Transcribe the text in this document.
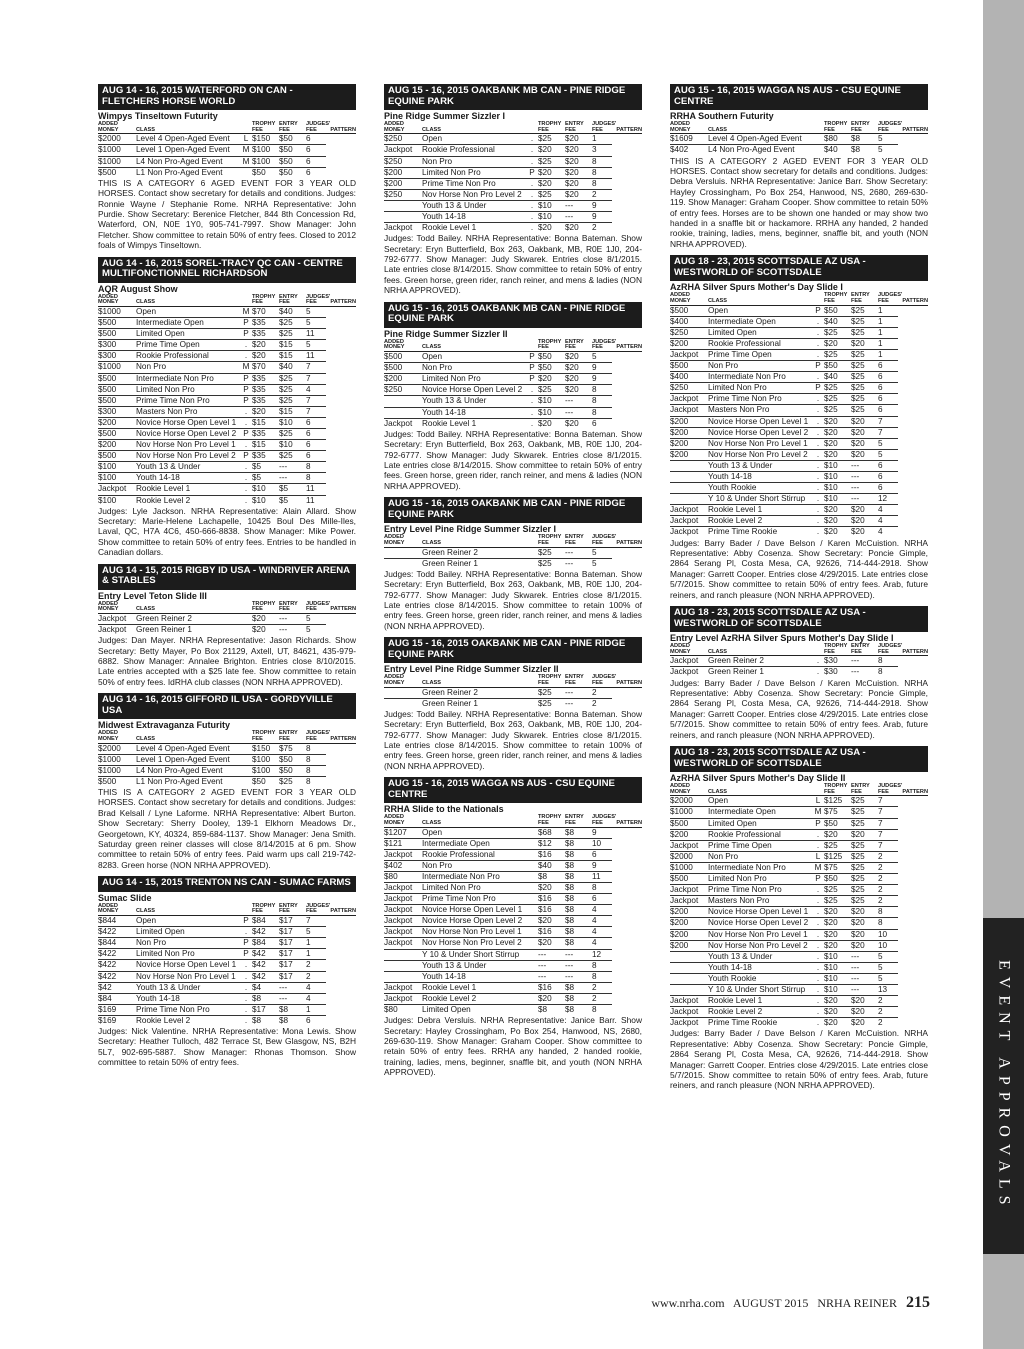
EVENT APPROVALS
AUG 14 - 16, 2015 WATERFORD ON CAN - FLETCHERS HORSE WORLD
Wimpys Tinseltown Futurity
ADDED
MONEY	CLASS		TROPHY
FEE	ENTRY
FEE	JUDGES'
FEE	PATTERN
$2000	Level 4 Open-Aged Event	L	$150	$50	6	
$1000	Level 1 Open-Aged Event	M	$100	$50	6	
$1000	L4 Non Pro-Aged Event	M	$100	$50	6	
$500	L1 Non Pro-Aged Event		$50	$50	6	
THIS IS A CATEGORY 6 AGED EVENT FOR 3 YEAR OLD HORSES. Contact show secretary for details and conditions. Judges: Ronnie Wayne / Stephanie Rome. NRHA Representative: John Purdie. Show Secretary: Berenice Fletcher, 844 8th Concession Rd, Waterford, ON, N0E 1Y0, 905-741-7997. Show Manager: John Fletcher. Show committee to retain 50% of entry fees. Closed to 2012 foals of Wimpys Tinseltown.
AUG 14 - 16, 2015 SOREL-TRACY QC CAN - CENTRE MULTIFONCTIONNEL RICHARDSON
AQR August Show
ADDED
MONEY	CLASS		TROPHY
FEE	ENTRY
FEE	JUDGES'
FEE	PATTERN
$1000	Open	M	$70	$40	5	
$500	Intermediate Open	P	$35	$25	5	
$500	Limited Open	P	$35	$25	11	
$300	Prime Time Open	.	$20	$15	5	
$300	Rookie Professional	.	$20	$15	11	
$1000	Non Pro	M	$70	$40	7	
$500	Intermediate Non Pro	P	$35	$25	7	
$500	Limited Non Pro	P	$35	$25	4	
$500	Prime Time Non Pro	P	$35	$25	7	
$300	Masters Non Pro	.	$20	$15	7	
$200	Novice Horse Open Level 1	.	$15	$10	6	
$500	Novice Horse Open Level 2	P	$35	$25	6	
$200	Nov Horse Non Pro Level 1	.	$15	$10	6	
$500	Nov Horse Non Pro Level 2	P	$35	$25	6	
$100	Youth 13 & Under	.	$5	---	8	
$100	Youth 14-18	.	$5	---	8	
Jackpot	Rookie Level 1	.	$10	$5	11	
$100	Rookie Level 2	.	$10	$5	11	
Judges: Lyle Jackson. NRHA Representative: Alain Allard. Show Secretary: Marie-Helene Lachapelle, 10425 Boul Des Mille-Iles, Laval, QC, H7A 4C6, 450-666-8838. Show Manager: Mike Power. Show committee to retain 50% of entry fees. Entries to be handled in Canadian dollars.
AUG 14 - 15, 2015 RIGBY ID USA - WINDRIVER ARENA & STABLES
Entry Level Teton Slide III
ADDED
MONEY	CLASS		TROPHY
FEE	ENTRY
FEE	JUDGES'
FEE	PATTERN
Jackpot	Green Reiner 2		$20	---	5	
Jackpot	Green Reiner 1		$20	---	5	
Judges: Dan Mayer. NRHA Representative: Jason Richards. Show Secretary: Betty Mayer, Po Box 21129, Axtell, UT, 84621, 435-979-6882. Show Manager: Annalee Brighton. Entries close 8/10/2015. Late entries accepted with a $25 late fee. Show committee to retain 50% of entry fees. IdRHA club classes (NON NRHA APPROVED).
AUG 14 - 16, 2015 GIFFORD IL USA - GORDYVILLE USA
Midwest Extravaganza Futurity
ADDED
MONEY	CLASS		TROPHY
FEE	ENTRY
FEE	JUDGES'
FEE	PATTERN
$2000	Level 4 Open-Aged Event		$150	$75	8	
$1000	Level 1 Open-Aged Event		$100	$50	8	
$1000	L4 Non Pro-Aged Event		$100	$50	8	
$500	L1 Non Pro-Aged Event		$50	$25	8	
THIS IS A CATEGORY 2 AGED EVENT FOR 3 YEAR OLD HORSES. Contact show secretary for details and conditions. Judges: Brad Kelsall / Lyne Laforme. NRHA Representative: Albert Burton. Show Secretary: Sherry Dooley, 139-1 Elkhorn Meadows Dr., Georgetown, KY, 40324, 859-684-1137. Show Manager: Jena Smith. Saturday green reiner classes will close 8/14/2015 at 6 pm. Show committee to retain 50% of entry fees. Paid warm ups call 219-742-8283. Green horse (NON NRHA APPROVED).
AUG 14 - 15, 2015 TRENTON NS CAN - SUMAC FARMS
Sumac Slide
ADDED
MONEY	CLASS		TROPHY
FEE	ENTRY
FEE	JUDGES'
FEE	PATTERN
$844	Open	P	$84	$17	7	
$422	Limited Open	.	$42	$17	5	
$844	Non Pro	P	$84	$17	1	
$422	Limited Non Pro	P	$42	$17	1	
$422	Novice Horse Open Level 1	.	$42	$17	2	
$422	Nov Horse Non Pro Level 1	.	$42	$17	2	
$42	Youth 13 & Under	.	$4	---	4	
$84	Youth 14-18	.	$8	---	4	
$169	Prime Time Non Pro	.	$17	$8	1	
$169	Rookie Level 2	.	$8	$8	6	
Judges: Nick Valentine. NRHA Representative: Mona Lewis. Show Secretary: Heather Tulloch, 482 Terrace St, Bew Glasgow, NS, B2H 5L7, 902-695-5887. Show Manager: Rhonas Thomson. Show committee to retain 50% of entry fees.
AUG 15 - 16, 2015 OAKBANK MB CAN - PINE RIDGE EQUINE PARK
Pine Ridge Summer Sizzler I
ADDED
MONEY	CLASS		TROPHY
FEE	ENTRY
FEE	JUDGES'
FEE	PATTERN
$250	Open	.	$25	$20	1	
Jackpot	Rookie Professional	.	$20	$20	3	
$250	Non Pro	.	$25	$20	8	
$200	Limited Non Pro	P	$20	$20	8	
$200	Prime Time Non Pro	.	$20	$20	8	
$250	Nov Horse Non Pro Level 2	.	$25	$20	2	
	Youth 13 & Under	.	$10	---	9	
	Youth 14-18	.	$10	---	9	
Jackpot	Rookie Level 1	.	$20	$20	2	
Judges: Todd Bailey. NRHA Representative: Bonna Bateman. Show Secretary: Eryn Butterfield, Box 263, Oakbank, MB, R0E 1J0, 204-792-6777. Show Manager: Judy Skwarek. Entries close 8/1/2015. Late entries close 8/14/2015. Show committee to retain 50% of entry fees. Green horse, green rider, ranch reiner, and mens & ladies (NON NRHA APPROVED).
AUG 15 - 16, 2015 OAKBANK MB CAN - PINE RIDGE EQUINE PARK
Pine Ridge Summer Sizzler II
ADDED
MONEY	CLASS		TROPHY
FEE	ENTRY
FEE	JUDGES'
FEE	PATTERN
$500	Open	P	$50	$20	5	
$500	Non Pro	P	$50	$20	9	
$200	Limited Non Pro	P	$20	$20	9	
$250	Novice Horse Open Level 2	.	$25	$20	8	
	Youth 13 & Under	.	$10	---	8	
	Youth 14-18	.	$10	---	8	
Jackpot	Rookie Level 1	.	$20	$20	6	
Judges: Todd Bailey. NRHA Representative: Bonna Bateman. Show Secretary: Eryn Butterfield, Box 263, Oakbank, MB, R0E 1J0, 204-792-6777. Show Manager: Judy Skwarek. Entries close 8/1/2015. Late entries close 8/14/2015. Show committee to retain 50% of entry fees. Green horse, green rider, ranch reiner, and mens & ladies (NON NRHA APPROVED).
AUG 15 - 16, 2015 OAKBANK MB CAN - PINE RIDGE EQUINE PARK
Entry Level Pine Ridge Summer Sizzler I
ADDED
MONEY	CLASS		TROPHY
FEE	ENTRY
FEE	JUDGES'
FEE	PATTERN
	Green Reiner 2		$25	---	5	
	Green Reiner 1		$25	---	5	
Judges: Todd Bailey. NRHA Representative: Bonna Bateman. Show Secretary: Eryn Butterfield, Box 263, Oakbank, MB, R0E 1J0, 204-792-6777. Show Manager: Judy Skwarek. Entries close 8/1/2015. Late entries close 8/14/2015. Show committee to retain 100% of entry fees. Green horse, green rider, ranch reiner, and mens & ladies (NON NRHA APPROVED).
AUG 15 - 16, 2015 OAKBANK MB CAN - PINE RIDGE EQUINE PARK
Entry Level Pine Ridge Summer Sizzler II
ADDED
MONEY	CLASS		TROPHY
FEE	ENTRY
FEE	JUDGES'
FEE	PATTERN
	Green Reiner 2		$25	---	2	
	Green Reiner 1		$25	---	2	
Judges: Todd Bailey. NRHA Representative: Bonna Bateman. Show Secretary: Eryn Butterfield, Box 263, Oakbank, MB, R0E 1J0, 204-792-6777. Show Manager: Judy Skwarek. Entries close 8/1/2015. Late entries close 8/14/2015. Show committee to retain 100% of entry fees. Green horse, green rider, ranch reiner, and mens & ladies (NON NRHA APPROVED).
AUG 15 - 16, 2015 WAGGA NS AUS - CSU EQUINE CENTRE
RRHA Slide to the Nationals
ADDED
MONEY	CLASS		TROPHY
FEE	ENTRY
FEE	JUDGES'
FEE	PATTERN
$1207	Open		$68	$8	9	
$121	Intermediate Open		$12	$8	10	
Jackpot	Rookie Professional		$16	$8	6	
$402	Non Pro		$40	$8	9	
$80	Intermediate Non Pro		$8	$8	11	
Jackpot	Limited Non Pro		$20	$8	8	
Jackpot	Prime Time Non Pro		$16	$8	6	
Jackpot	Novice Horse Open Level 1		$16	$8	4	
Jackpot	Novice Horse Open Level 2		$20	$8	4	
Jackpot	Nov Horse Non Pro Level 1		$16	$8	4	
Jackpot	Nov Horse Non Pro Level 2		$20	$8	4	
	Y 10 & Under Short Stirrup		---	---	12	
	Youth 13 & Under		---	---	8	
	Youth 14-18		---	---	8	
Jackpot	Rookie Level 1		$16	$8	2	
Jackpot	Rookie Level 2		$20	$8	2	
$80	Limited Open		$8	$8	8	
Judges: Debra Versluis. NRHA Representative: Janice Barr. Show Secretary: Hayley Crossingham, Po Box 254, Hanwood, NS, 2680, 269-630-119. Show Manager: Graham Cooper. Show committee to retain 50% of entry fees. RRHA any handed, 2 handed rookie, training, ladies, mens, beginner, snaffle bit, and youth (NON NRHA APPROVED).
AUG 15 - 16, 2015 WAGGA NS AUS - CSU EQUINE CENTRE
RRHA Southern Futurity
ADDED
MONEY	CLASS		TROPHY
FEE	ENTRY
FEE	JUDGES'
FEE	PATTERN
$1609	Level 4 Open-Aged Event		$80	$8	5	
$402	L4 Non Pro-Aged Event		$40	$8	5	
THIS IS A CATEGORY 2 AGED EVENT FOR 3 YEAR OLD HORSES. Contact show secretary for details and conditions. Judges: Debra Versluis. NRHA Representative: Janice Barr. Show Secretary: Hayley Crossingham, Po Box 254, Hanwood, NS, 2680, 269-630-119. Show Manager: Graham Cooper. Show committee to retain 50% of entry fees. Horses are to be shown one handed or may show two handed in a snaffle bit or hackamore. RRHA any handed, 2 handed rookie, training, ladies, mens, beginner, snaffle bit, and youth (NON NRHA APPROVED).
AUG 18 - 23, 2015 SCOTTSDALE AZ USA - WESTWORLD OF SCOTTSDALE
AzRHA Silver Spurs Mother's Day Slide I
ADDED
MONEY	CLASS		TROPHY
FEE	ENTRY
FEE	JUDGES'
FEE	PATTERN
$500	Open	P	$50	$25	1	
$400	Intermediate Open	.	$40	$25	1	
$250	Limited Open	.	$25	$25	1	
$200	Rookie Professional	.	$20	$20	1	
Jackpot	Prime Time Open	.	$25	$25	1	
$500	Non Pro	P	$50	$25	6	
$400	Intermediate Non Pro	.	$40	$25	6	
$250	Limited Non Pro	P	$25	$25	6	
Jackpot	Prime Time Non Pro	.	$25	$25	6	
Jackpot	Masters Non Pro	.	$25	$25	6	
$200	Novice Horse Open Level 1	.	$20	$20	7	
$200	Novice Horse Open Level 2	.	$20	$20	7	
$200	Nov Horse Non Pro Level 1	.	$20	$20	5	
$200	Nov Horse Non Pro Level 2	.	$20	$20	5	
	Youth 13 & Under	.	$10	---	6	
	Youth 14-18	.	$10	---	6	
	Youth Rookie	.	$10	---	6	
	Y 10 & Under Short Stirrup	.	$10	---	12	
Jackpot	Rookie Level 1	.	$20	$20	4	
Jackpot	Rookie Level 2	.	$20	$20	4	
Jackpot	Prime Time Rookie	.	$20	$20	4	
Judges: Barry Bader / Dave Belson / Karen McCuistion. NRHA Representative: Abby Cosenza. Show Secretary: Poncie Gimple, 2864 Serang Pl, Costa Mesa, CA, 92626, 714-444-2918. Show Manager: Garrett Cooper. Entries close 4/29/2015. Late entries close 5/7/2015. Show committee to retain 50% of entry fees. Arab, future reiners, and ranch pleasure (NON NRHA APPROVED).
AUG 18 - 23, 2015 SCOTTSDALE AZ USA - WESTWORLD OF SCOTTSDALE
Entry Level AzRHA Silver Spurs Mother's Day Slide I
ADDED
MONEY	CLASS		TROPHY
FEE	ENTRY
FEE	JUDGES'
FEE	PATTERN
Jackpot	Green Reiner 2	.	$30	---	8	
Jackpot	Green Reiner 1	.	$30	---	8	
Judges: Barry Bader / Dave Belson / Karen McCuistion. NRHA Representative: Abby Cosenza. Show Secretary: Poncie Gimple, 2864 Serang Pl, Costa Mesa, CA, 92626, 714-444-2918. Show Manager: Garrett Cooper. Entries close 4/29/2015. Late entries close 5/7/2015. Show committee to retain 50% of entry fees. Arab, future reiners, and ranch pleasure (NON NRHA APPROVED).
AUG 18 - 23, 2015 SCOTTSDALE AZ USA - WESTWORLD OF SCOTTSDALE
AzRHA Silver Spurs Mother's Day Slide II
ADDED
MONEY	CLASS		TROPHY
FEE	ENTRY
FEE	JUDGES'
FEE	PATTERN
$2000	Open	L	$125	$25	7	
$1000	Intermediate Open	M	$75	$25	7	
$500	Limited Open	P	$50	$25	7	
$200	Rookie Professional	.	$20	$20	7	
Jackpot	Prime Time Open	.	$25	$25	7	
$2000	Non Pro	L	$125	$25	2	
$1000	Intermediate Non Pro	M	$75	$25	2	
$500	Limited Non Pro	P	$50	$25	2	
Jackpot	Prime Time Non Pro	.	$25	$25	2	
Jackpot	Masters Non Pro	.	$25	$25	2	
$200	Novice Horse Open Level 1	.	$20	$20	8	
$200	Novice Horse Open Level 2	.	$20	$20	8	
$200	Nov Horse Non Pro Level 1	.	$20	$20	10	
$200	Nov Horse Non Pro Level 2	.	$20	$20	10	
	Youth 13 & Under	.	$10	---	5	
	Youth 14-18	.	$10	---	5	
	Youth Rookie	.	$10	---	5	
	Y 10 & Under Short Stirrup	.	$10	---	13	
Jackpot	Rookie Level 1	.	$20	$20	2	
Jackpot	Rookie Level 2	.	$20	$20	2	
Jackpot	Prime Time Rookie	.	$20	$20	2	
Judges: Barry Bader / Dave Belson / Karen McCuistion. NRHA Representative: Abby Cosenza. Show Secretary: Poncie Gimple, 2864 Serang Pl, Costa Mesa, CA, 92626, 714-444-2918. Show Manager: Garrett Cooper. Entries close 4/29/2015. Late entries close 5/7/2015. Show committee to retain 50% of entry fees. Arab, future reiners, and ranch pleasure (NON NRHA APPROVED).
www.nrha.com AUGUST 2015 NRHA REINER 215
